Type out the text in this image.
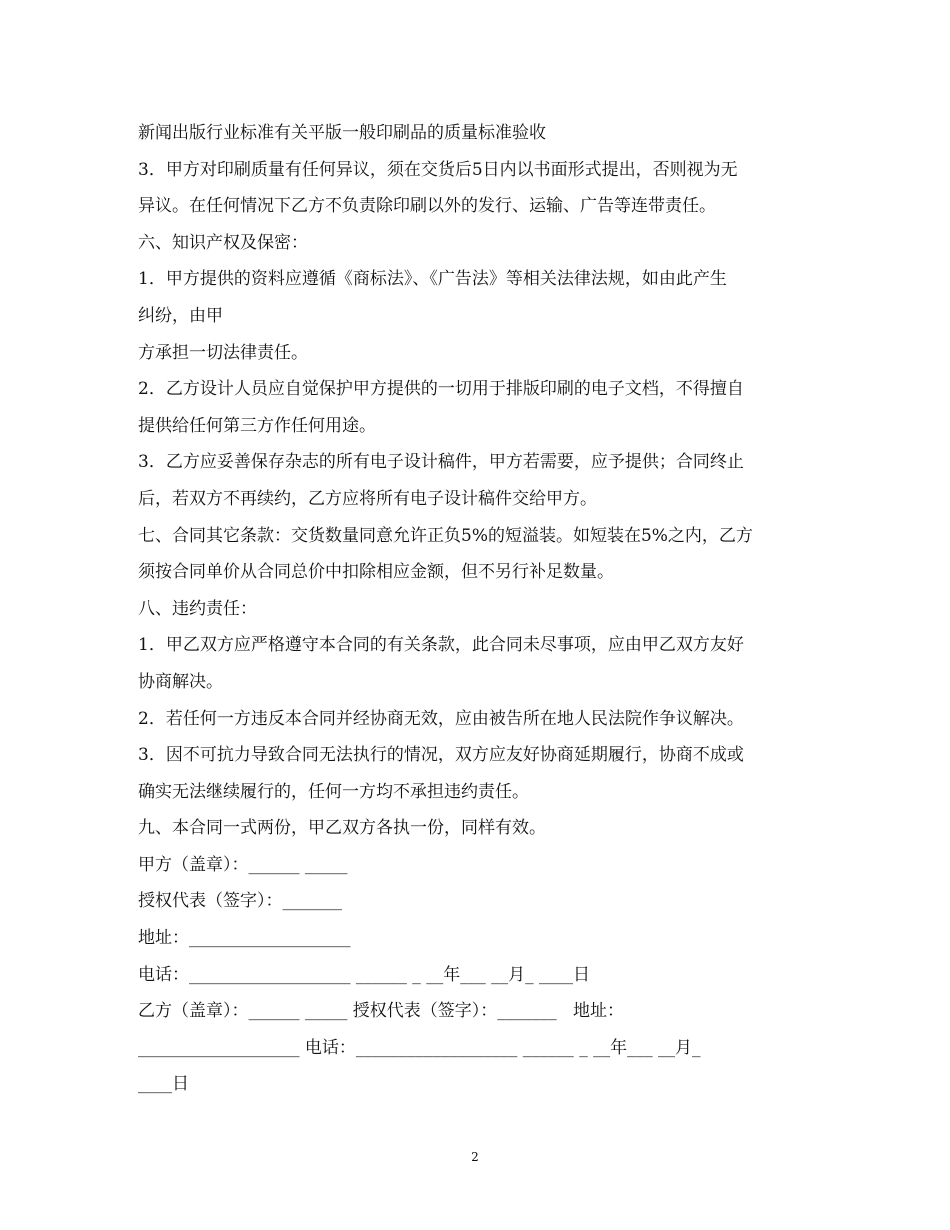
新闻出版行业标准有关平版一般印刷品的质量标准验收
3．甲方对印刷质量有任何异议，须在交货后5日内以书面形式提出，否则视为无
异议。在任何情况下乙方不负责除印刷以外的发行、运输、广告等连带责任。
六、知识产权及保密：
1．甲方提供的资料应遵循《商标法》、《广告法》等相关法律法规，如由此产生
纠纷，由甲
方承担一切法律责任。
2．乙方设计人员应自觉保护甲方提供的一切用于排版印刷的电子文档，不得擅自
提供给任何第三方作任何用途。
3．乙方应妥善保存杂志的所有电子设计稿件，甲方若需要，应予提供；合同终止
后，若双方不再续约，乙方应将所有电子设计稿件交给甲方。
七、合同其它条款：交货数量同意允许正负5%的短溢装。如短装在5%之内，乙方
须按合同单价从合同总价中扣除相应金额，但不另行补足数量。
八、违约责任：
1．甲乙双方应严格遵守本合同的有关条款，此合同未尽事项，应由甲乙双方友好
协商解决。
2．若任何一方违反本合同并经协商无效，应由被告所在地人民法院作争议解决。
3．因不可抗力导致合同无法执行的情况，双方应友好协商延期履行，协商不成或
确实无法继续履行的，任何一方均不承担违约责任。
九、本合同一式两份，甲乙双方各执一份，同样有效。
甲方（盖章）：______ _____
授权代表（签字）：_______
地址：___________________
电话：___________________ ______ _ __年___ __月_ ____日
乙方（盖章）：______ _____ 授权代表（签字）：_______   地址：
___________________ 电话：___________________ ______ _ __年___ __月_
____日
2
